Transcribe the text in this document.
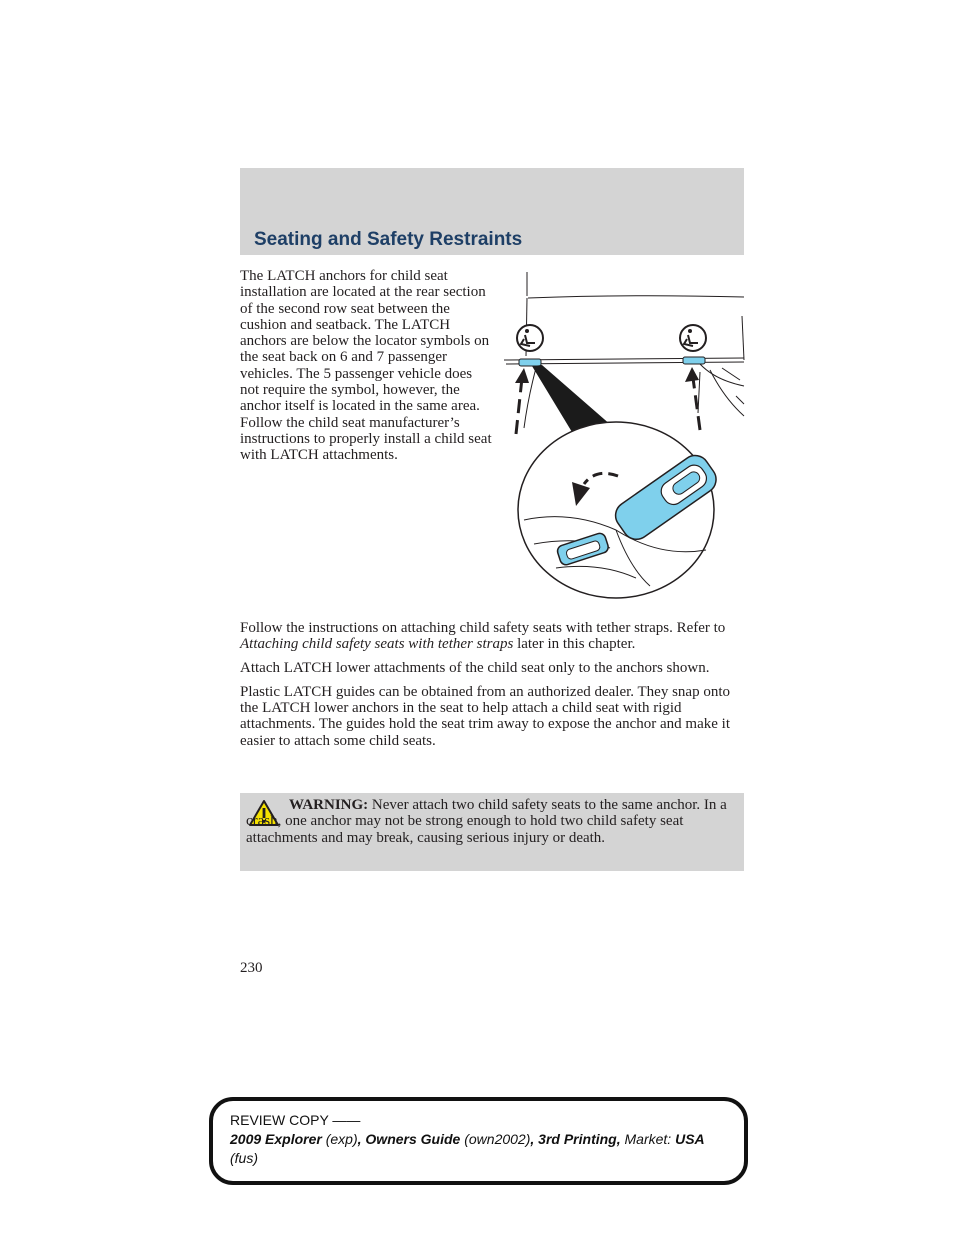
Seating and Safety Restraints

The LATCH anchors for child seat installation are located at the rear section of the second row seat between the cushion and seatback. The LATCH anchors are below the locator symbols on the seat back on 6 and 7 passenger vehicles. The 5 passenger vehicle does not require the symbol, however, the anchor itself is located in the same area. Follow the child seat manufacturer’s instructions to properly install a child seat with LATCH attachments.

Follow the instructions on attaching child safety seats with tether straps. Refer to Attaching child safety seats with tether straps later in this chapter.

Attach LATCH lower attachments of the child seat only to the anchors shown.

Plastic LATCH guides can be obtained from an authorized dealer. They snap onto the LATCH lower anchors in the seat to help attach a child seat with rigid attachments. The guides hold the seat trim away to expose the anchor and make it easier to attach some child seats.

WARNING: Never attach two child safety seats to the same anchor. In a crash, one anchor may not be strong enough to hold two child safety seat attachments and may break, causing serious injury or death.

230

REVIEW COPY ——
2009 Explorer (exp), Owners Guide (own2002), 3rd Printing, Market: USA
(fus)
